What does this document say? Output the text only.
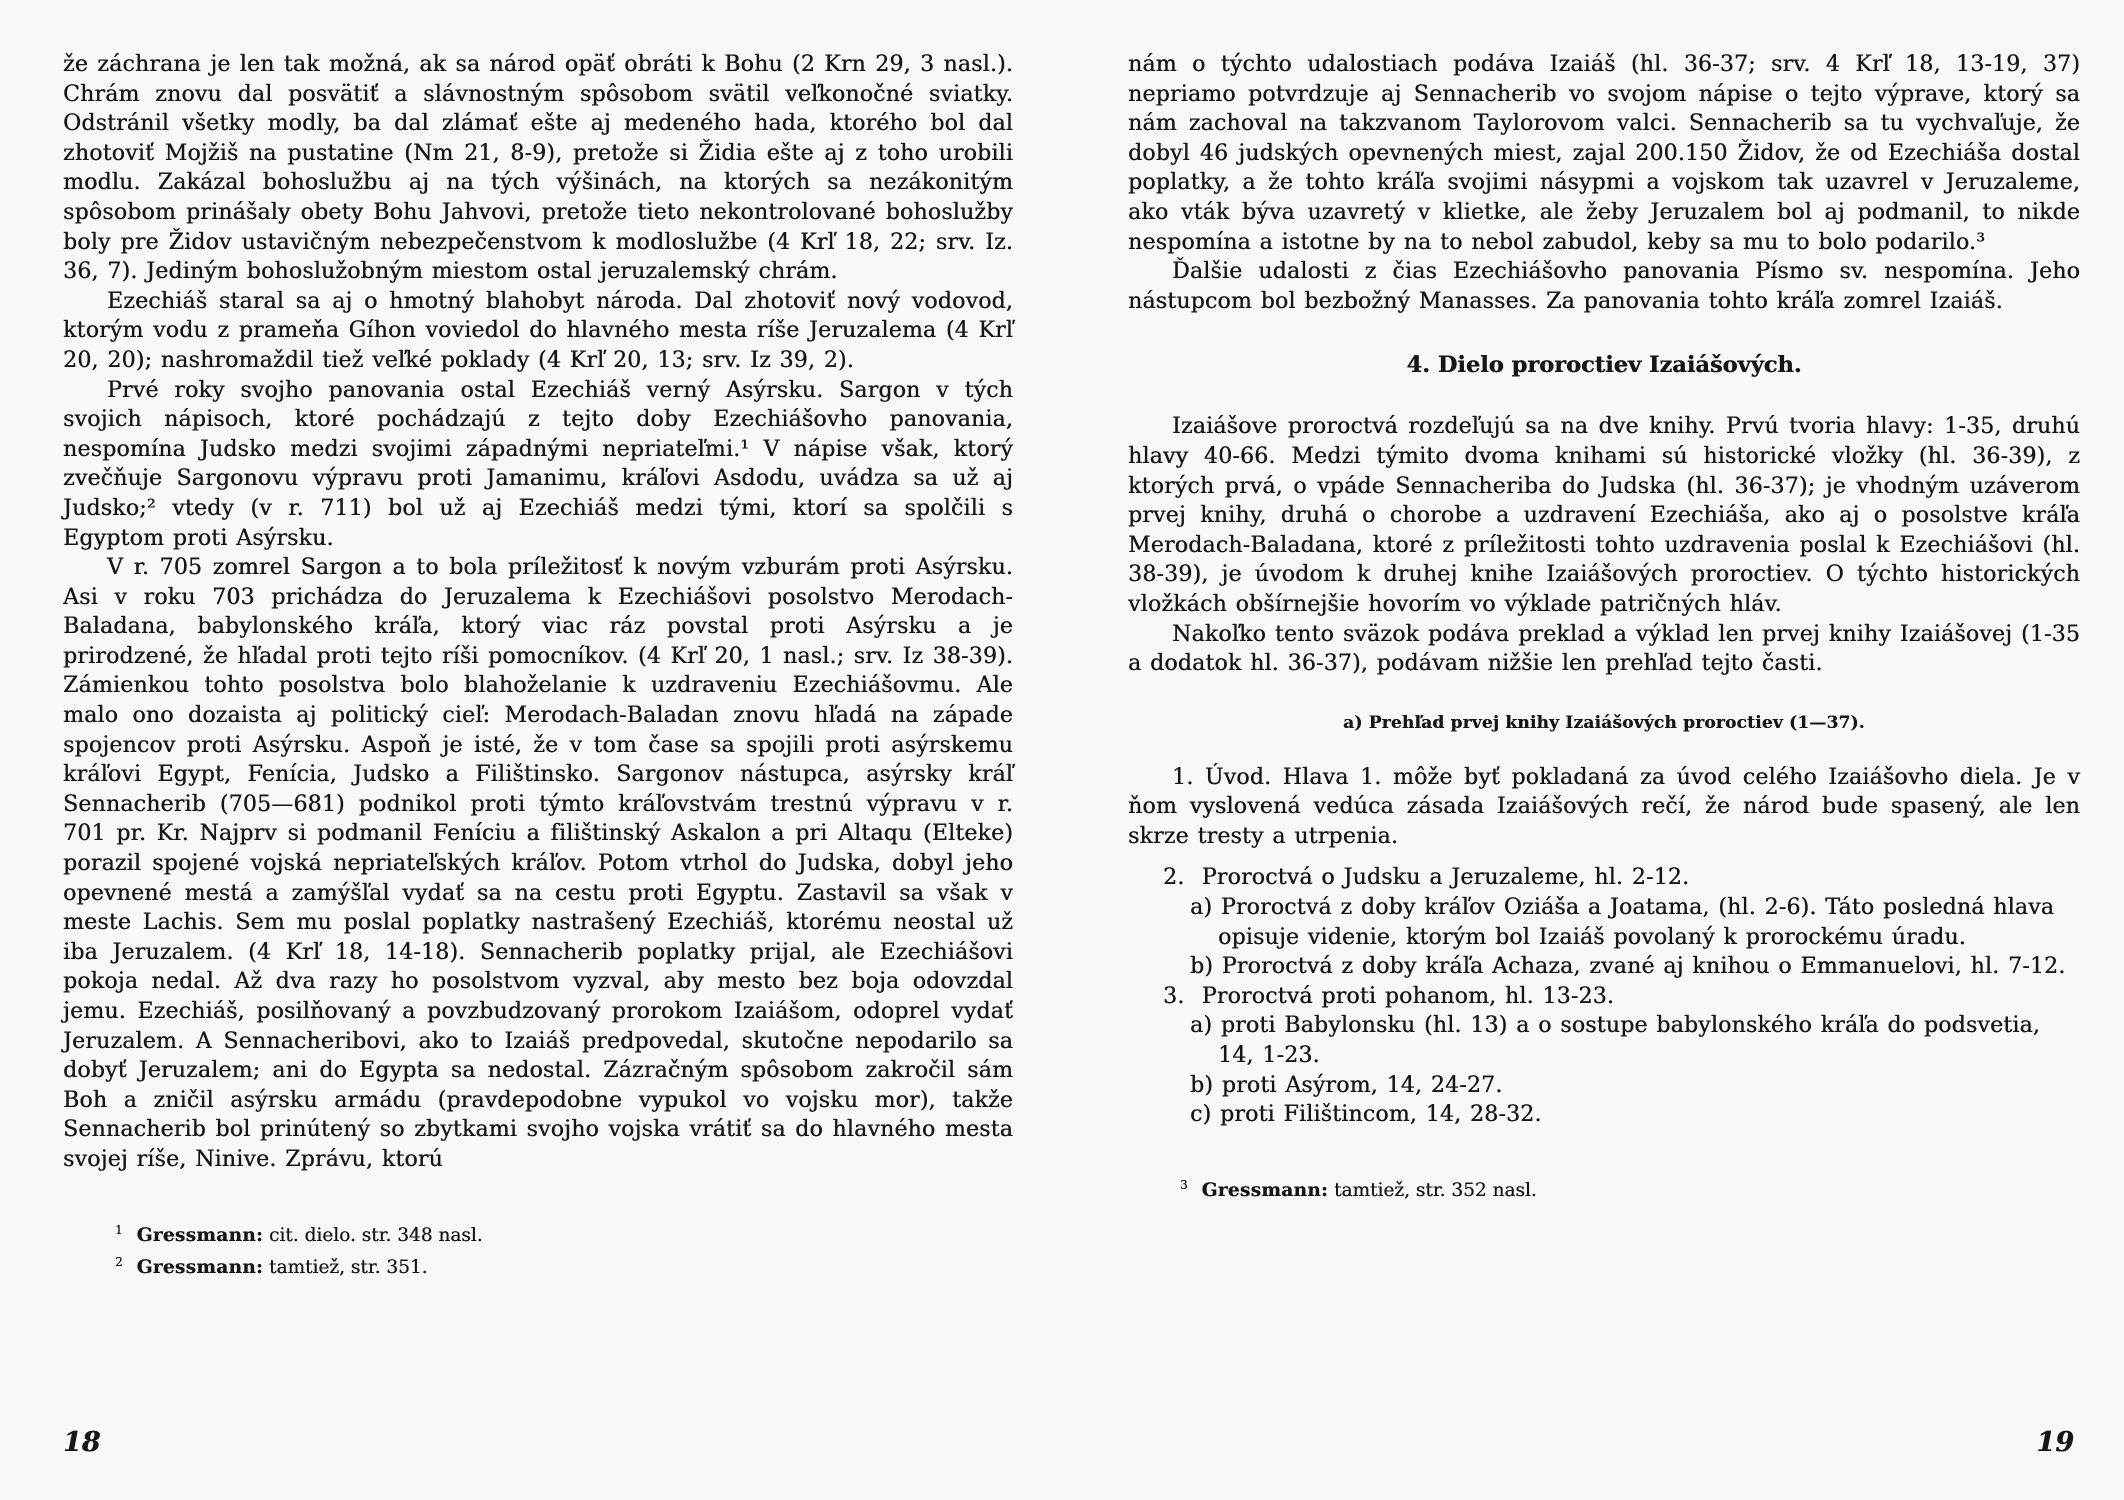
že záchrana je len tak možná, ak sa národ opäť obráti k Bohu (2 Krn 29, 3 nasl.). Chrám znovu dal posvätiť a slávnostným spôsobom svätil veľkonočné sviatky. Odstránil všetky modly, ba dal zlámať ešte aj medeného hada, ktorého bol dal zhotoviť Mojžiš na pustatine (Nm 21, 8-9), pretože si Židia ešte aj z toho urobili modlu. Zakázal bohoslužbu aj na tých výšinách, na ktorých sa nezákonitým spôsobom prinášaly obety Bohu Jahvovi, pretože tieto nekontrolované bohoslužby boly pre Židov ustavičným nebezpečenstvom k modloslužbe (4 Krľ 18, 22; srv. Iz. 36, 7). Jediným bohoslužobným miestom ostal jeruzalemský chrám.

Ezechiáš staral sa aj o hmotný blahobyt národa. Dal zhotoviť nový vodovod, ktorým vodu z prameňa Gíhon voviedol do hlavného mesta ríše Jeruzalema (4 Krľ 20, 20); nashromaždil tiež veľké poklady (4 Krľ 20, 13; srv. Iz 39, 2).

Prvé roky svojho panovania ostal Ezechiáš verný Asýrsku. Sargon v tých svojich nápisoch, ktoré pochádzajú z tejto doby Ezechiášovho panovania, nespomína Judsko medzi svojimi západnými nepriateľmi.¹ V nápise však, ktorý zvečňuje Sargonovu výpravu proti Jamanimu, kráľovi Asdodu, uvádza sa už aj Judsko;² vtedy (v r. 711) bol už aj Ezechiáš medzi tými, ktorí sa spolčili s Egyptom proti Asýrsku.

V r. 705 zomrel Sargon a to bola príležitosť k novým vzburám proti Asýrsku. Asi v roku 703 prichádza do Jeruzalema k Ezechiášovi posolstvo Merodach-Baladana, babylonského kráľa, ktorý viac ráz povstal proti Asýrsku a je prirodzené, že hľadal proti tejto ríši pomocníkov. (4 Krľ 20, 1 nasl.; srv. Iz 38-39). Zámienkou tohto posolstva bolo blahoželanie k uzdraveniu Ezechiášovmu. Ale malo ono dozaista aj politický cieľ: Merodach-Baladan znovu hľadá na západe spojencov proti Asýrsku. Aspoň je isté, že v tom čase sa spojili proti asýrskemu kráľovi Egypt, Fenícia, Judsko a Filištinsko. Sargonov nástupca, asýrsky kráľ Sennacherib (705—681) podnikol proti týmto kráľovstvám trestnú výpravu v r. 701 pr. Kr. Najprv si podmanil Feníciu a filištinský Askalon a pri Altaqu (Elteke) porazil spojené vojská nepriateľských kráľov. Potom vtrhol do Judska, dobyl jeho opevnené mestá a zamýšľal vydať sa na cestu proti Egyptu. Zastavil sa však v meste Lachis. Sem mu poslal poplatky nastrašený Ezechiáš, ktorému neostal už iba Jeruzalem. (4 Krľ 18, 14-18). Sennacherib poplatky prijal, ale Ezechiášovi pokoja nedal. Až dva razy ho posolstvom vyzval, aby mesto bez boja odovzdal jemu. Ezechiáš, posilňovaný a povzbudzovaný prorokom Izaiášom, odoprel vydať Jeruzalem. A Sennacheribovi, ako to Izaiáš predpovedal, skutočne nepodarilo sa dobyť Jeruzalem; ani do Egypta sa nedostal. Zázračným spôsobom zakročil sám Boh a zničil asýrsku armádu (pravdepodobne vypukol vo vojsku mor), takže Sennacherib bol prinútený so zbytkami svojho vojska vrátiť sa do hlavného mesta svojej ríše, Ninive. Zprávu, ktorú

$^1$ Gressmann: cit. dielo. str. 348 nasl.
$^2$ Gressmann: tamtiež, str. 351.
18

nám o týchto udalostiach podáva Izaiáš (hl. 36-37; srv. 4 Krľ 18, 13-19, 37) nepriamo potvrdzuje aj Sennacherib vo svojom nápise o tejto výprave, ktorý sa nám zachoval na takzvanom Taylorovom valci. Sennacherib sa tu vychvaľuje, že dobyl 46 judských opevnených miest, zajal 200.150 Židov, že od Ezechiáša dostal poplatky, a že tohto kráľa svojimi násypmi a vojskom tak uzavrel v Jeruzaleme, ako vták býva uzavretý v klietke, ale žeby Jeruzalem bol aj podmanil, to nikde nespomína a istotne by na to nebol zabudol, keby sa mu to bolo podarilo.³

Ďalšie udalosti z čias Ezechiášovho panovania Písmo sv. nespomína. Jeho nástupcom bol bezbožný Manasses. Za panovania tohto kráľa zomrel Izaiáš.

4. Dielo proroctiev Izaiášových.

Izaiášove proroctvá rozdeľujú sa na dve knihy. Prvú tvoria hlavy: 1-35, druhú hlavy 40-66. Medzi týmito dvoma knihami sú historické vložky (hl. 36-39), z ktorých prvá, o vpáde Sennacheriba do Judska (hl. 36-37); je vhodným uzáverom prvej knihy, druhá o chorobe a uzdravení Ezechiáša, ako aj o posolstve kráľa Merodach-Baladana, ktoré z príležitosti tohto uzdravenia poslal k Ezechiášovi (hl. 38-39), je úvodom k druhej knihe Izaiášových proroctiev. O týchto historických vložkách obšírnejšie hovorím vo výklade patričných hláv.

Nakoľko tento sväzok podáva preklad a výklad len prvej knihy Izaiášovej (1-35 a dodatok hl. 36-37), podávam nižšie len prehľad tejto časti.

a) Prehľad prvej knihy Izaiášových proroctiev (1—37).

1. Úvod. Hlava 1. môže byť pokladaná za úvod celého Izaiášovho diela. Je v ňom vyslovená vedúca zásada Izaiášových rečí, že národ bude spasený, ale len skrze tresty a utrpenia.

2. Proroctvá o Judsku a Jeruzaleme, hl. 2-12.

a) Proroctvá z doby kráľov Oziáša a Joatama, (hl. 2-6). Táto posledná hlava opisuje videnie, ktorým bol Izaiáš povolaný k prorockému úradu.

b) Proroctvá z doby kráľa Achaza, zvané aj knihou o Emmanuelovi, hl. 7-12.

3. Proroctvá proti pohanom, hl. 13-23.

a) proti Babylonsku (hl. 13) a o sostupe babylonského kráľa do podsvetia, 14, 1-23.

b) proti Asýrom, 14, 24-27.

c) proti Filištincom, 14, 28-32.

$^3$ Gressmann: tamtiež, str. 352 nasl.
19
